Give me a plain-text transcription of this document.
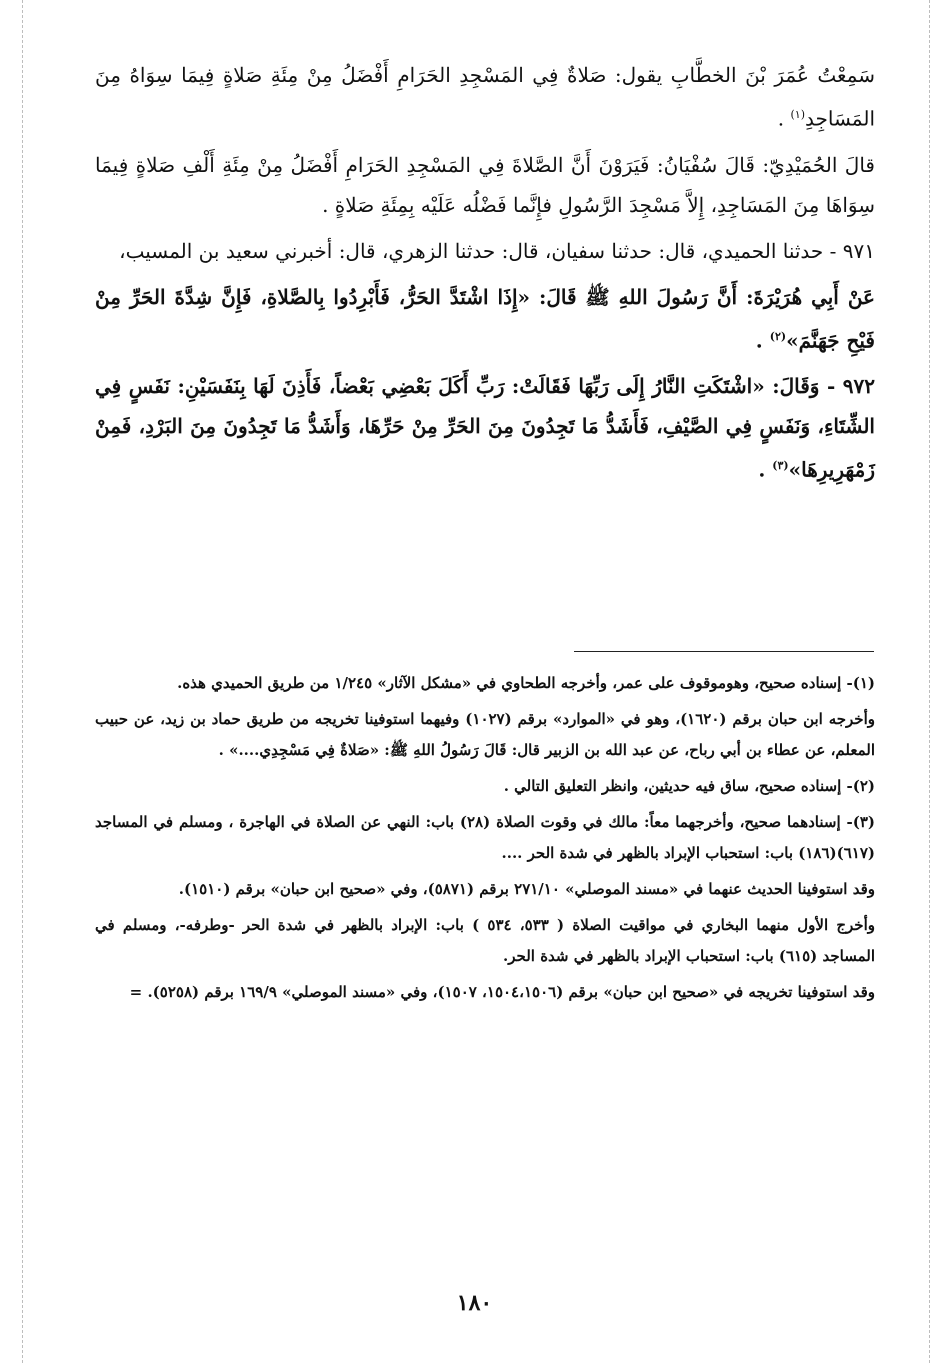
سَمِعْتُ عُمَرَ بْنَ الخطَّابِ يقول: صَلاةٌ فِي المَسْجِدِ الحَرَامِ أَفْضَلُ مِنْ مِئَةِ صَلاةٍ فِيمَا سِوَاهُ مِنَ المَسَاجِدِ$^{(١)}$ .

قالَ الحُمَيْدِيّ: قَالَ سُفْيَانُ: فَيَرَوْنَ أَنَّ الصَّلاةَ فِي المَسْجِدِ الحَرَامِ أَفْضَلُ مِنْ مِئَةِ أَلْفِ صَلاةٍ فِيمَا سِوَاهَا مِنَ المَسَاجِدِ، إِلاَّ مَسْجِدَ الرَّسُولِ فإِنَّما فَضْلُه عَلَيْه بِمِئَةِ صَلاةٍ .

٩٧١ - حدثنا الحميدي، قال: حدثنا سفيان، قال: حدثنا الزهري، قال: أخبرني سعيد بن المسيب،

عَنْ أَبِي هُرَيْرَةَ: أَنَّ رَسُولَ اللهِ ﷺ قَالَ: «إِذَا اشْتَدَّ الحَرُّ، فَأَبْرِدُوا بِالصَّلاةِ، فَإِنَّ شِدَّةَ الحَرِّ مِنْ فَيْحِ جَهَنَّمَ»$^{(٢)}$ .

٩٧٢ - وَقَالَ: «اشْتَكَتِ النَّارُ إِلَى رَبِّهَا فَقَالَتْ: رَبِّ أَكَلَ بَعْضِي بَعْضاً، فَأَذِنَ لَهَا بِنَفَسَيْنِ: نَفَسٍ فِي الشِّتَاءِ، وَنَفَسٍ فِي الصَّيْفِ، فَأَشَدُّ مَا تَجِدُونَ مِنَ الحَرِّ مِنْ حَرِّهَا، وَأَشَدُّ مَا تَجِدُونَ مِنَ البَرْدِ، فَمِنْ زَمْهَرِيرِهَا»$^{(٣)}$ .

(١)- إسناده صحيح، وهوموقوف على عمر، وأخرجه الطحاوي في «مشكل الآثار» ١/٢٤٥ من طريق الحميدي هذه.

وأخرجه ابن حبان برقم (١٦٢٠)، وهو في «الموارد» برقم (١٠٢٧) وفيهما استوفينا تخريجه من طريق حماد بن زيد، عن حبيب المعلم، عن عطاء بن أبي رباح، عن عبد الله بن الزبير قال: قَالَ رَسُولُ اللهِ ﷺ: «صَلاةٌ فِي مَسْجِدِي....» .

(٢)- إسناده صحيح، ساق فيه حديثين، وانظر التعليق التالي .

(٣)- إسنادهما صحيح، وأخرجهما معاً: مالك في وقوت الصلاة (٢٨) باب: النهي عن الصلاة في الهاجرة ، ومسلم في المساجد (٦١٧)(١٨٦) باب: استحباب الإبراد بالظهر في شدة الحر ....

وقد استوفينا الحديث عنهما في «مسند الموصلي» ٢٧١/١٠ برقم (٥٨٧١)، وفي «صحيح ابن حبان» برقم (١٥١٠).

وأخرج الأول منهما البخاري في مواقيت الصلاة ( ٥٣٣، ٥٣٤ ) باب: الإبراد بالظهر في شدة الحر -وطرفه-، ومسلم في المساجد (٦١٥) باب: استحباب الإبراد بالظهر في شدة الحر.

وقد استوفينا تخريجه في «صحيح ابن حبان» برقم (١٥٠٤،١٥٠٦، ١٥٠٧)، وفي «مسند الموصلي» ١٦٩/٩ برقم (٥٢٥٨). =

١٨٠
